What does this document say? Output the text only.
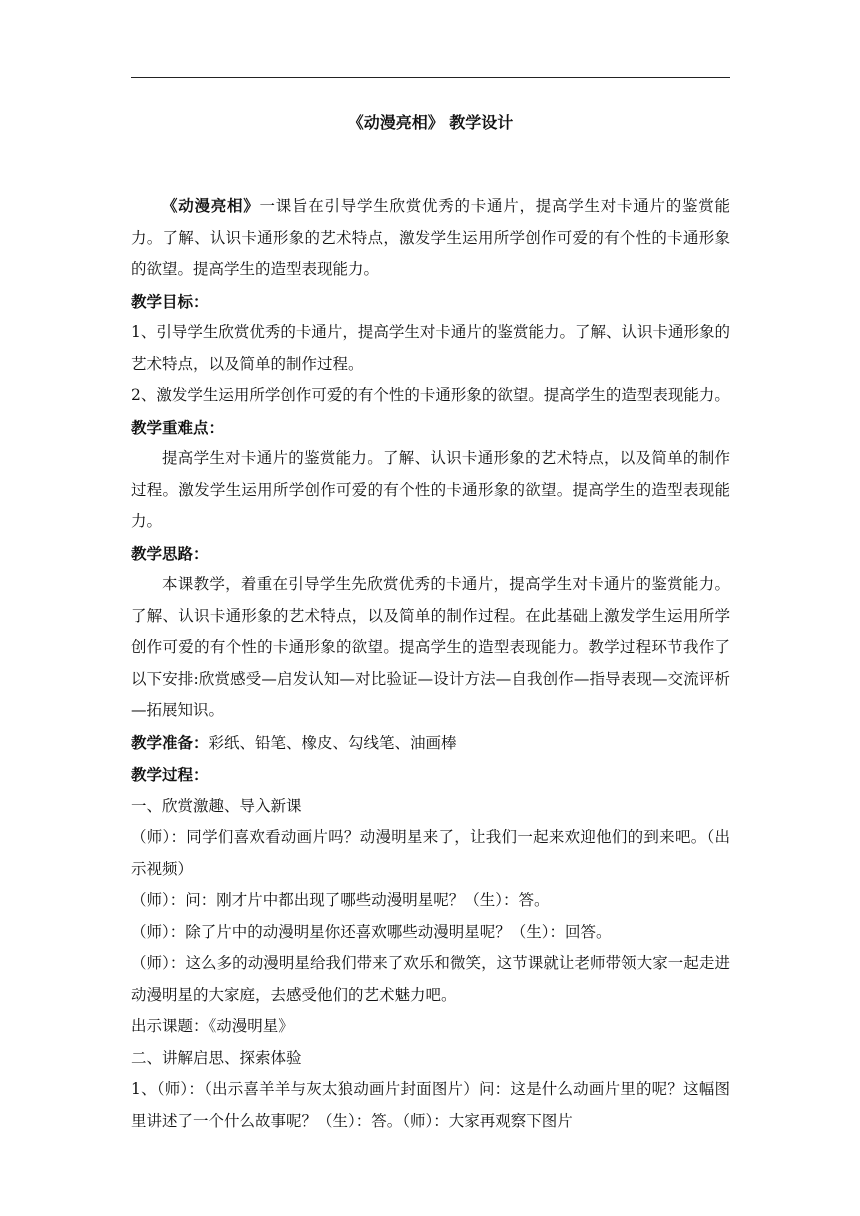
《动漫亮相》 教学设计

《动漫亮相》一课旨在引导学生欣赏优秀的卡通片，提高学生对卡通片的鉴赏能力。了解、认识卡通形象的艺术特点，激发学生运用所学创作可爱的有个性的卡通形象的欲望。提高学生的造型表现能力。

教学目标：

1、引导学生欣赏优秀的卡通片，提高学生对卡通片的鉴赏能力。了解、认识卡通形象的艺术特点，以及简单的制作过程。

2、激发学生运用所学创作可爱的有个性的卡通形象的欲望。提高学生的造型表现能力。

教学重难点：

提高学生对卡通片的鉴赏能力。了解、认识卡通形象的艺术特点，以及简单的制作过程。激发学生运用所学创作可爱的有个性的卡通形象的欲望。提高学生的造型表现能力。

教学思路：

本课教学，着重在引导学生先欣赏优秀的卡通片，提高学生对卡通片的鉴赏能力。了解、认识卡通形象的艺术特点，以及简单的制作过程。在此基础上激发学生运用所学创作可爱的有个性的卡通形象的欲望。提高学生的造型表现能力。教学过程环节我作了以下安排:欣赏感受—启发认知—对比验证—设计方法—自我创作—指导表现—交流评析—拓展知识。

教学准备：彩纸、铅笔、橡皮、勾线笔、油画棒

教学过程：

一、欣赏激趣、导入新课

（师）：同学们喜欢看动画片吗？动漫明星来了，让我们一起来欢迎他们的到来吧。（出示视频）

（师）：问：刚才片中都出现了哪些动漫明星呢？（生）：答。

（师）：除了片中的动漫明星你还喜欢哪些动漫明星呢？（生）：回答。

（师）：这么多的动漫明星给我们带来了欢乐和微笑，这节课就让老师带领大家一起走进动漫明星的大家庭，去感受他们的艺术魅力吧。

出示课题：《动漫明星》

二、讲解启思、探索体验

1、（师）：（出示喜羊羊与灰太狼动画片封面图片）问：这是什么动画片里的呢？这幅图里讲述了一个什么故事呢？（生）：答。（师）：大家再观察下图片
